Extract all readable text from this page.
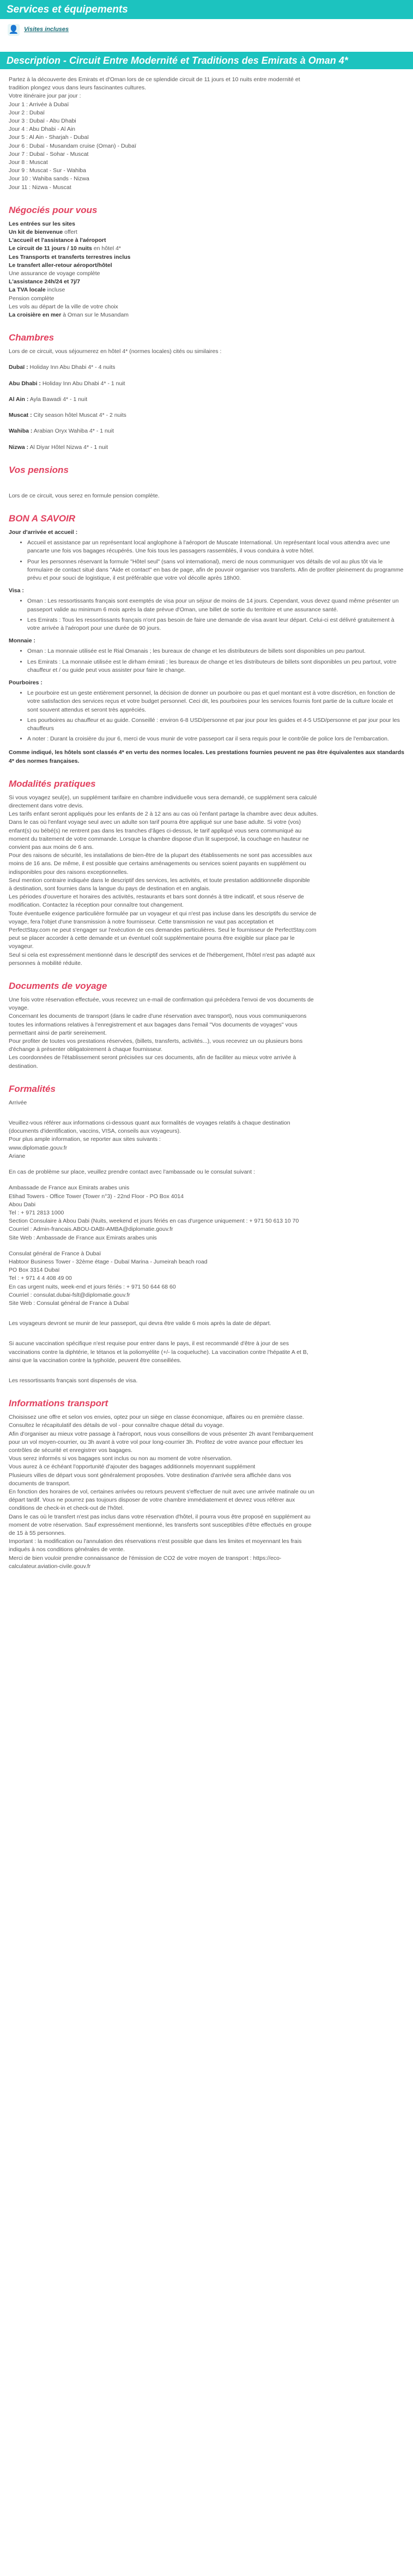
Services et équipements
👤 Visites incluses
Description - Circuit Entre Modernité et Traditions des Emirats à Oman 4*

Partez à la découverte des Emirats et d'Oman lors de ce splendide circuit de 11 jours et 10 nuits entre modernité et

tradition plongez vous dans leurs fascinantes cultures.

Votre itinéraire jour par jour :

Jour 1 : Arrivée à Dubaï

Jour 2 : Dubaï

Jour 3 : Dubaï - Abu Dhabi

Jour 4 : Abu Dhabi - Al Ain

Jour 5 : Al Ain - Sharjah - Dubaï

Jour 6 : Dubaï - Musandam cruise (Oman) - Dubaï

Jour 7 : Dubaï - Sohar - Muscat

Jour 8 : Muscat

Jour 9 : Muscat - Sur - Wahiba

Jour 10 : Wahiba sands - Nizwa

Jour 11 : Nizwa - Muscat

Négociés pour vous

Les entrées sur les sites

Un kit de bienvenue offert

L'accueil et l'assistance à l'aéroport

Le circuit de 11 jours / 10 nuits en hôtel 4*

Les Transports et transferts terrestres inclus

Le transfert aller-retour aéroport/hôtel

Une assurance de voyage complète

L'assistance 24h/24 et 7j/7

La TVA locale incluse

Pension complète

Les vols au départ de la ville de votre choix

La croisière en mer à Oman sur le Musandam

Chambres

Lors de ce circuit, vous séjournerez en hôtel 4* (normes locales) cités ou similaires :

Dubaï : Holiday Inn Abu Dhabi 4* - 4 nuits

Abu Dhabi : Holiday Inn Abu Dhabi 4* - 1 nuit

Al Ain : Ayla Bawadi 4* - 1 nuit

Muscat : City season hôtel Muscat 4* - 2 nuits

Wahiba : Arabian Oryx Wahiba 4* - 1 nuit

Nizwa : Al Diyar Hôtel Nizwa 4* - 1 nuit

Vos pensions

Lors de ce circuit, vous serez en formule pension complète.

BON A SAVOIR
Jour d'arrivée et accueil :
• Accueil et assistance par un représentant local anglophone à l'aéroport de Muscate International. Un représentant local vous attendra avec une pancarte une fois vos bagages récupérés. Une fois tous les passagers rassemblés, il vous conduira à votre hôtel.
• Pour les personnes réservant la formule "Hôtel seul" (sans vol international), merci de nous communiquer vos détails de vol au plus tôt via le formulaire de contact situé dans "Aide et contact" en bas de page, afin de pouvoir organiser vos transferts. Afin de profiter pleinement du programme prévu et pour souci de logistique, il est préférable que votre vol décolle après 18h00.
Visa :
• Oman : Les ressortissants français sont exemptés de visa pour un séjour de moins de 14 jours. Cependant, vous devez quand même présenter un passeport valide au minimum 6 mois après la date prévue d'Oman, une billet de sortie du territoire et une assurance santé.
• Les Emirats : Tous les ressortissants français n'ont pas besoin de faire une demande de visa avant leur départ. Celui-ci est délivré gratuitement à votre arrivée à l'aéroport pour une durée de 90 jours.
Monnaie :
• Oman : La monnaie utilisée est le Rial Omanais ; les bureaux de change et les distributeurs de billets sont disponibles un peu partout.
• Les Emirats : La monnaie utilisée est le dirham émirati ; les bureaux de change et les distributeurs de billets sont disponibles un peu partout, votre chauffeur et / ou guide peut vous assister pour faire le change.
Pourboires :
• Le pourboire est un geste entièrement personnel, la décision de donner un pourboire ou pas et quel montant est à votre discrétion, en fonction de votre satisfaction des services reçus et votre budget personnel. Ceci dit, les pourboires pour les services fournis font partie de la culture locale et sont souvent attendus et seront très appréciés.
• Les pourboires au chauffeur et au guide. Conseillé : environ 6-8 USD/personne et par jour pour les guides et 4-5 USD/personne et par jour pour les chauffeurs
• A noter : Durant la croisière du jour 6, merci de vous munir de votre passeport car il sera requis pour le contrôle de police lors de l'embarcation.
Comme indiqué, les hôtels sont classés 4* en vertu des normes locales. Les prestations fournies peuvent ne pas être équivalentes aux standards 4* des normes françaises.
Modalités pratiques

Si vous voyagez seul(e), un supplément tarifaire en chambre individuelle vous sera demandé, ce supplément sera calculé

directement dans votre devis.

Les tarifs enfant seront appliqués pour les enfants de 2 à 12 ans au cas où l'enfant partage la chambre avec deux adultes.

Dans le cas où l'enfant voyage seul avec un adulte son tarif pourra être appliqué sur une base adulte. Si votre (vos)

enfant(s) ou bébé(s) ne rentrent pas dans les tranches d'âges ci-dessus, le tarif appliqué vous sera communiqué au

moment du traitement de votre commande. Lorsque la chambre dispose d'un lit superposé, la couchage en hauteur ne

convient pas aux moins de 6 ans.

Pour des raisons de sécurité, les installations de bien-être de la plupart des établissements ne sont pas accessibles aux

moins de 16 ans. De même, il est possible que certains aménagements ou services soient payants en supplément ou

indisponibles pour des raisons exceptionnelles.

Seul mention contraire indiquée dans le descriptif des services, les activités, et toute prestation additionnelle disponible

à destination, sont fournies dans la langue du pays de destination et en anglais.

Les périodes d'ouverture et horaires des activités, restaurants et bars sont donnés à titre indicatif, et sous réserve de

modification. Contactez la réception pour connaître tout changement.

Toute éventuelle exigence particulière formulée par un voyageur et qui n'est pas incluse dans les descriptifs du service de

voyage, fera l'objet d'une transmission à notre fournisseur. Cette transmission ne vaut pas acceptation et

PerfectStay.com ne peut s'engager sur l'exécution de ces demandes particulières. Seul le fournisseur de PerfectStay.com

peut se placer accorder à cette demande et un éventuel coût supplémentaire pourra être exigible sur place par le

voyageur.

Seul si cela est expressément mentionné dans le descriptif des services et de l'hébergement, l'hôtel n'est pas adapté aux

personnes à mobilité réduite.

Documents de voyage

Une fois votre réservation effectuée, vous recevrez un e-mail de confirmation qui précèdera l'envoi de vos documents de

voyage.

Concernant les documents de transport (dans le cadre d'une réservation avec transport), nous vous communiquerons

toutes les informations relatives à l'enregistrement et aux bagages dans l'email "Vos documents de voyages" vous

permettant ainsi de partir sereinement.

Pour profiter de toutes vos prestations réservées, (billets, transferts, activités...), vous recevrez un ou plusieurs bons

d'échange à présenter obligatoirement à chaque fournisseur.

Les coordonnées de l'établissement seront précisées sur ces documents, afin de faciliter au mieux votre arrivée à

destination.

Formalités

Arrivée

Veuillez-vous référer aux informations ci-dessous quant aux formalités de voyages relatifs à chaque destination

(documents d'identification, vaccins, VISA, conseils aux voyageurs).

Pour plus ample information, se reporter aux sites suivants :

www.diplomatie.gouv.fr

Ariane

En cas de problème sur place, veuillez prendre contact avec l'ambassade ou le consulat suivant :

Ambassade de France aux Emirats arabes unis

Etihad Towers - Office Tower (Tower n°3) - 22nd Floor - PO Box 4014

Abou Dabi

Tel : + 971 2813 1000

Section Consulaire à Abou Dabi (Nuits, weekend et jours fériés en cas d'urgence uniquement : + 971 50 613 10 70

Courriel : Admin-francais.ABOU-DABI-AMBA@diplomatie.gouv.fr

Site Web : Ambassade de France aux Emirats arabes unis

Consulat général de France à Dubaï

Habtoor Business Tower - 32ème étage - Dubaï Marina - Jumeirah beach road

PO Box 3314 Dubaï

Tel : + 971 4 4 408 49 00

En cas urgent nuits, week-end et jours fériés : + 971 50 644 68 60

Courriel : consulat.dubai-fslt@diplomatie.gouv.fr

Site Web : Consulat général de France à Dubaï

Les voyageurs devront se munir de leur passeport, qui devra être valide 6 mois après la date de départ.

Si aucune vaccination spécifique n'est requise pour entrer dans le pays, il est recommandé d'être à jour de ses

vaccinations contre la diphtérie, le tétanos et la poliomyélite (+/- la coqueluche). La vaccination contre l'hépatite A et B,

ainsi que la vaccination contre la typhoïde, peuvent être conseillées.

Les ressortissants français sont dispensés de visa.

Informations transport

Choisissez une offre et selon vos envies, optez pour un siège en classe économique, affaires ou en première classe.

Consultez le récapitulatif des détails de vol - pour connaître chaque détail du voyage.

Afin d'organiser au mieux votre passage à l'aéroport, nous vous conseillons de vous présenter 2h avant l'embarquement

pour un vol moyen-courrier, ou 3h avant à votre vol pour long-courrier 3h. Profitez de votre avance pour effectuer les

contrôles de sécurité et enregistrer vos bagages.

Vous serez informés si vos bagages sont inclus ou non au moment de votre réservation.

Vous aurez à ce échéant l'opportunité d'ajouter des bagages additionnels moyennant supplément

Plusieurs villes de départ vous sont généralement proposées. Votre destination d'arrivée sera affichée dans vos

documents de transport.

En fonction des horaires de vol, certaines arrivées ou retours peuvent s'effectuer de nuit avec une arrivée matinale ou un

départ tardif. Vous ne pourrez pas toujours disposer de votre chambre immédiatement et devrez vous référer aux

conditions de check-in et check-out de l'hôtel.

Dans le cas où le transfert n'est pas inclus dans votre réservation d'hôtel, il pourra vous être proposé en supplément au

moment de votre réservation. Sauf expressément mentionné, les transferts sont susceptibles d'être effectués en groupe

de 15 à 55 personnes.

Important : la modification ou l'annulation des réservations n'est possible que dans les limites et moyennant les frais

indiqués à nos conditions générales de vente.

Merci de bien vouloir prendre connaissance de l'émission de CO2 de votre moyen de transport : https://eco-

calculateur.aviation-civile.gouv.fr
